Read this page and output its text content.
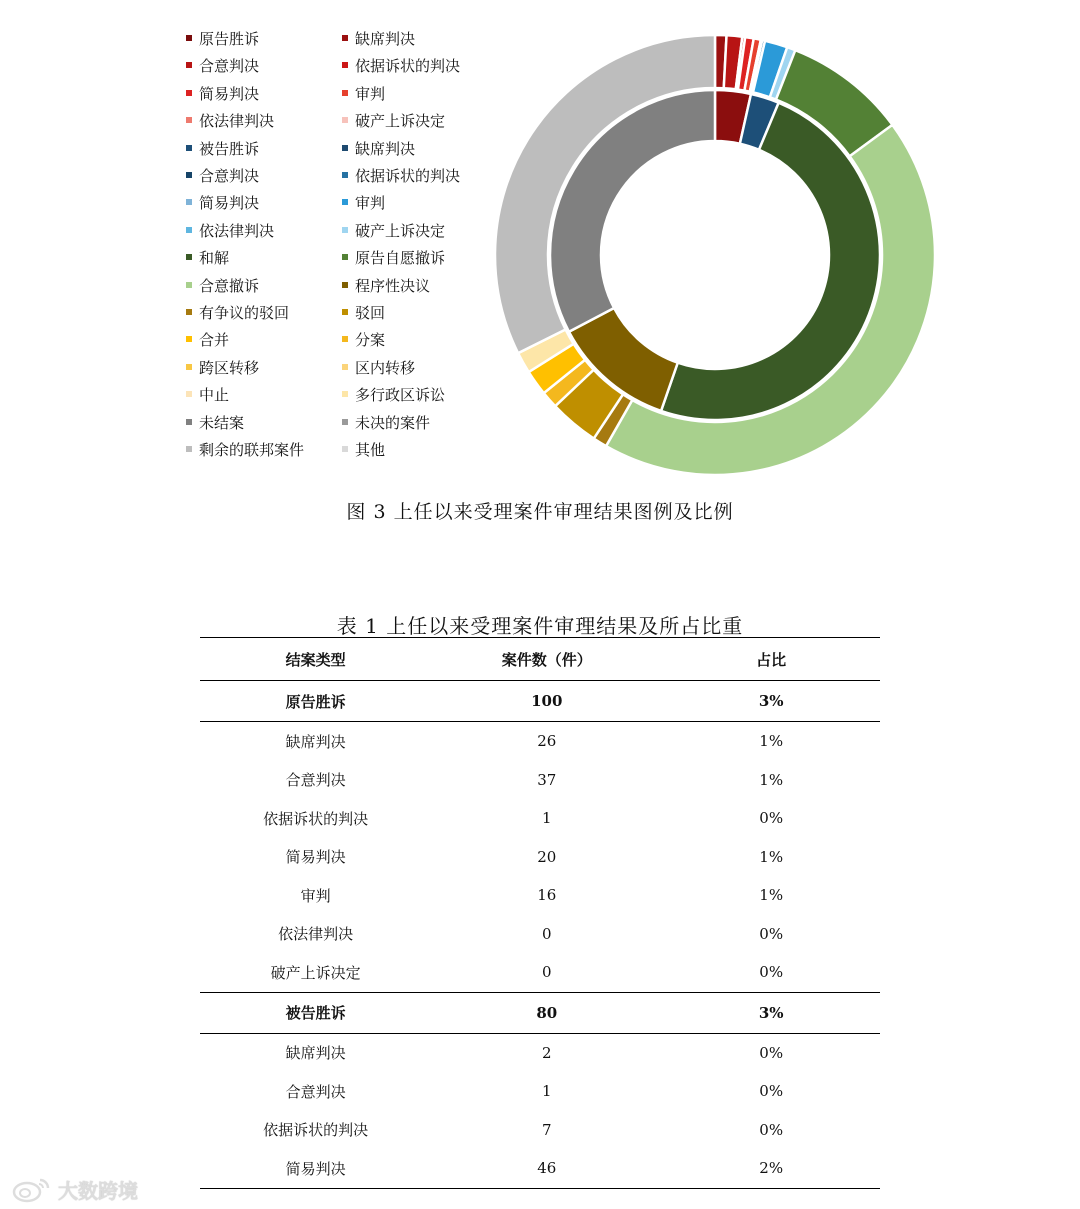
原告胜诉	缺席判决
合意判决	依据诉状的判决
简易判决	审判
依法律判决	破产上诉决定
被告胜诉	缺席判决
合意判决	依据诉状的判决
简易判决	审判
依法律判决	破产上诉决定
和解	原告自愿撤诉
合意撤诉	程序性决议
有争议的驳回	驳回
合并	分案
跨区转移	区内转移
中止	多行政区诉讼
未结案	未决的案件
剩余的联邦案件	其他
图 3 上任以来受理案件审理结果图例及比例
表 1 上任以来受理案件审理结果及所占比重
结案类型	案件数（件）	占比
原告胜诉	100	3%
缺席判决	26	1%
合意判决	37	1%
依据诉状的判决	1	0%
简易判决	20	1%
审判	16	1%
依法律判决	0	0%
破产上诉决定	0	0%
被告胜诉	80	3%
缺席判决	2	0%
合意判决	1	0%
依据诉状的判决	7	0%
简易判决	46	2%
大数跨境
